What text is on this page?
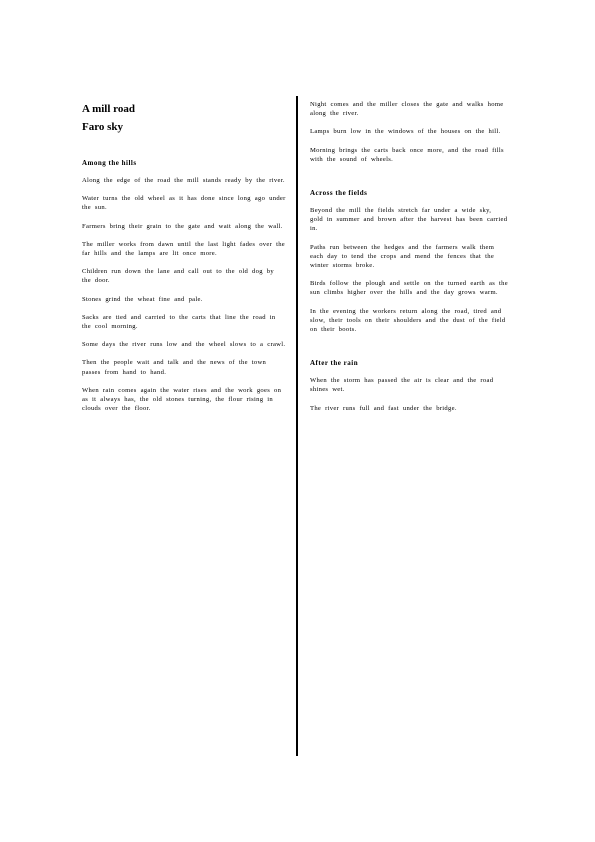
A mill road
Faro sky

Among the hills

Along the edge of the road the mill stands ready by the river.

Water turns the old wheel as it has done since long ago under the sun.

Farmers bring their grain to the gate and wait along the wall.

The miller works from dawn until the last light fades over the far hills and the lamps are lit once more.

Children run down the lane and call out to the old dog by the door.

Stones grind the wheat fine and pale.

Sacks are tied and carried to the carts that line the road in the cool morning.

Some days the river runs low and the wheel slows to a crawl.

Then the people wait and talk and the news of the town passes from hand to hand.

When rain comes again the water rises and the work goes on as it always has, the old stones turning, the flour rising in clouds over the floor.

Night comes and the miller closes the gate and walks home along the river.

Lamps burn low in the windows of the houses on the hill.

Morning brings the carts back once more, and the road fills with the sound of wheels.

Across the fields

Beyond the mill the fields stretch far under a wide sky, gold in summer and brown after the harvest has been carried in.

Paths run between the hedges and the farmers walk them each day to tend the crops and mend the fences that the winter storms broke.

Birds follow the plough and settle on the turned earth as the sun climbs higher over the hills and the day grows warm.

In the evening the workers return along the road, tired and slow, their tools on their shoulders and the dust of the field on their boots.

After the rain

When the storm has passed the air is clear and the road shines wet.

The river runs full and fast under the bridge.
